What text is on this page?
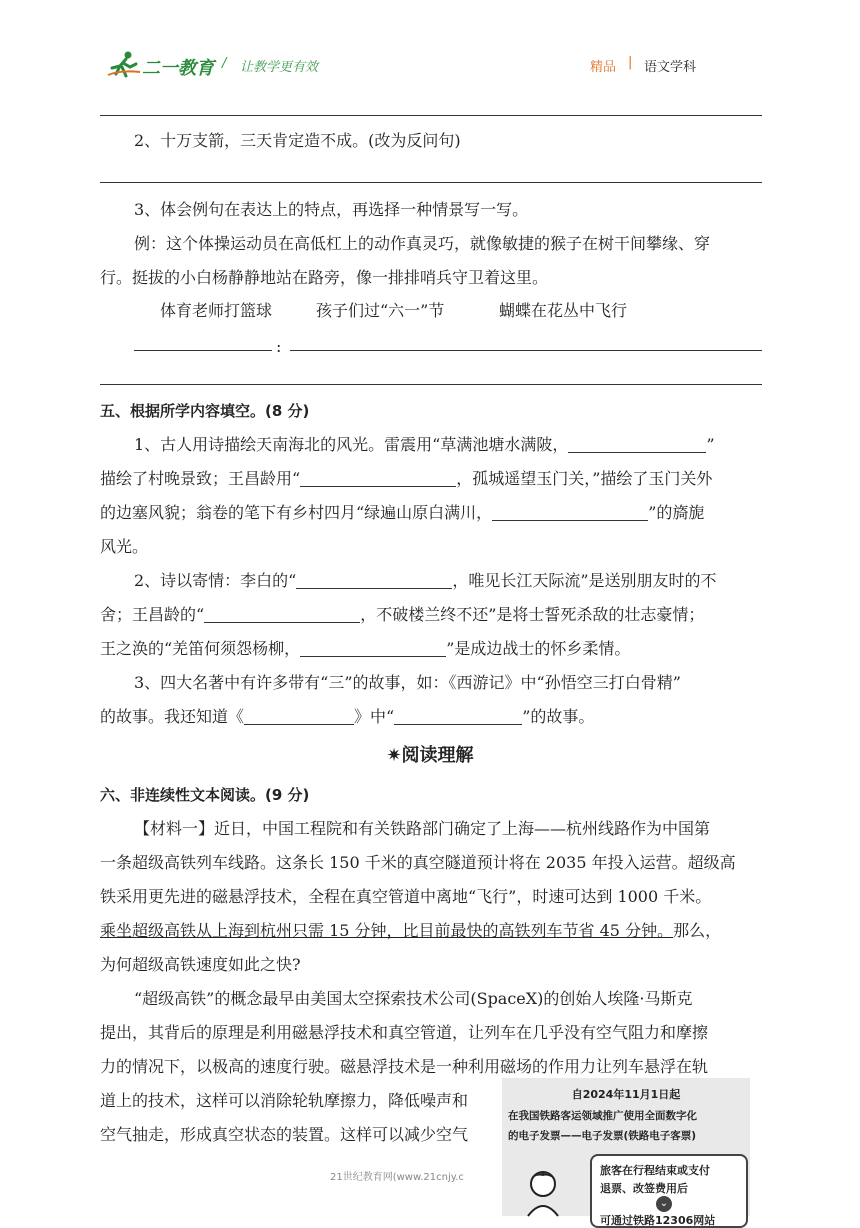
二一教育 / 让教学更有效	精品 | 语文学科
2、十万支箭，三天肯定造不成。(改为反问句)
3、体会例句在表达上的特点，再选择一种情景写一写。
例：这个体操运动员在高低杠上的动作真灵巧，就像敏捷的猴子在树干间攀缘、穿
行。挺拔的小白杨静静地站在路旁，像一排排哨兵守卫着这里。
体育老师打篮球	孩子们过“六一”节	蝴蝶在花丛中飞行
:
五、根据所学内容填空。(8 分)
1、古人用诗描绘天南海北的风光。雷震用“草满池塘水满陂，	”
描绘了村晚景致；王昌龄用“	，孤城遥望玉门关，”描绘了玉门关外
的边塞风貌；翁卷的笔下有乡村四月“绿遍山原白满川，	”的旖旎
风光。
2、诗以寄情：李白的“	，唯见长江天际流”是送别朋友时的不
舍；王昌龄的“	，不破楼兰终不还”是将士誓死杀敌的壮志豪情；
王之涣的“羌笛何须怨杨柳，	”是成边战士的怀乡柔情。
3、四大名著中有许多带有“三”的故事，如：《西游记》中“孙悟空三打白骨精”
的故事。我还知道《	》中“	”的故事。
✷阅读理解
六、非连续性文本阅读。(9 分)
【材料一】近日，中国工程院和有关铁路部门确定了上海——杭州线路作为中国第
一条超级高铁列车线路。这条长 150 千米的真空隧道预计将在 2035 年投入运营。超级高
铁采用更先进的磁悬浮技术，全程在真空管道中离地“飞行”，时速可达到 1000 千米。
乘坐超级高铁从上海到杭州只需 15 分钟，比目前最快的高铁列车节省 45 分钟。那么，
为何超级高铁速度如此之快?
“超级高铁”的概念最早由美国太空探索技术公司(SpaceX)的创始人埃隆·马斯克
提出，其背后的原理是利用磁悬浮技术和真空管道，让列车在几乎没有空气阻力和摩擦
力的情况下，以极高的速度行驶。磁悬浮技术是一种利用磁场的作用力让列车悬浮在轨
道上的技术，这样可以消除轮轨摩擦力，降低噪声和
空气抽走，形成真空状态的装置。这样可以减少空气
21世纪教育网(www.21cnjy.c
自2024年11月1日起
在我国铁路客运领域推广使用全面数字化
的电子发票——电子发票(铁路电子客票)
旅客在行程结束或支付
退票、改签费用后
⌄
可通过铁路12306网站
